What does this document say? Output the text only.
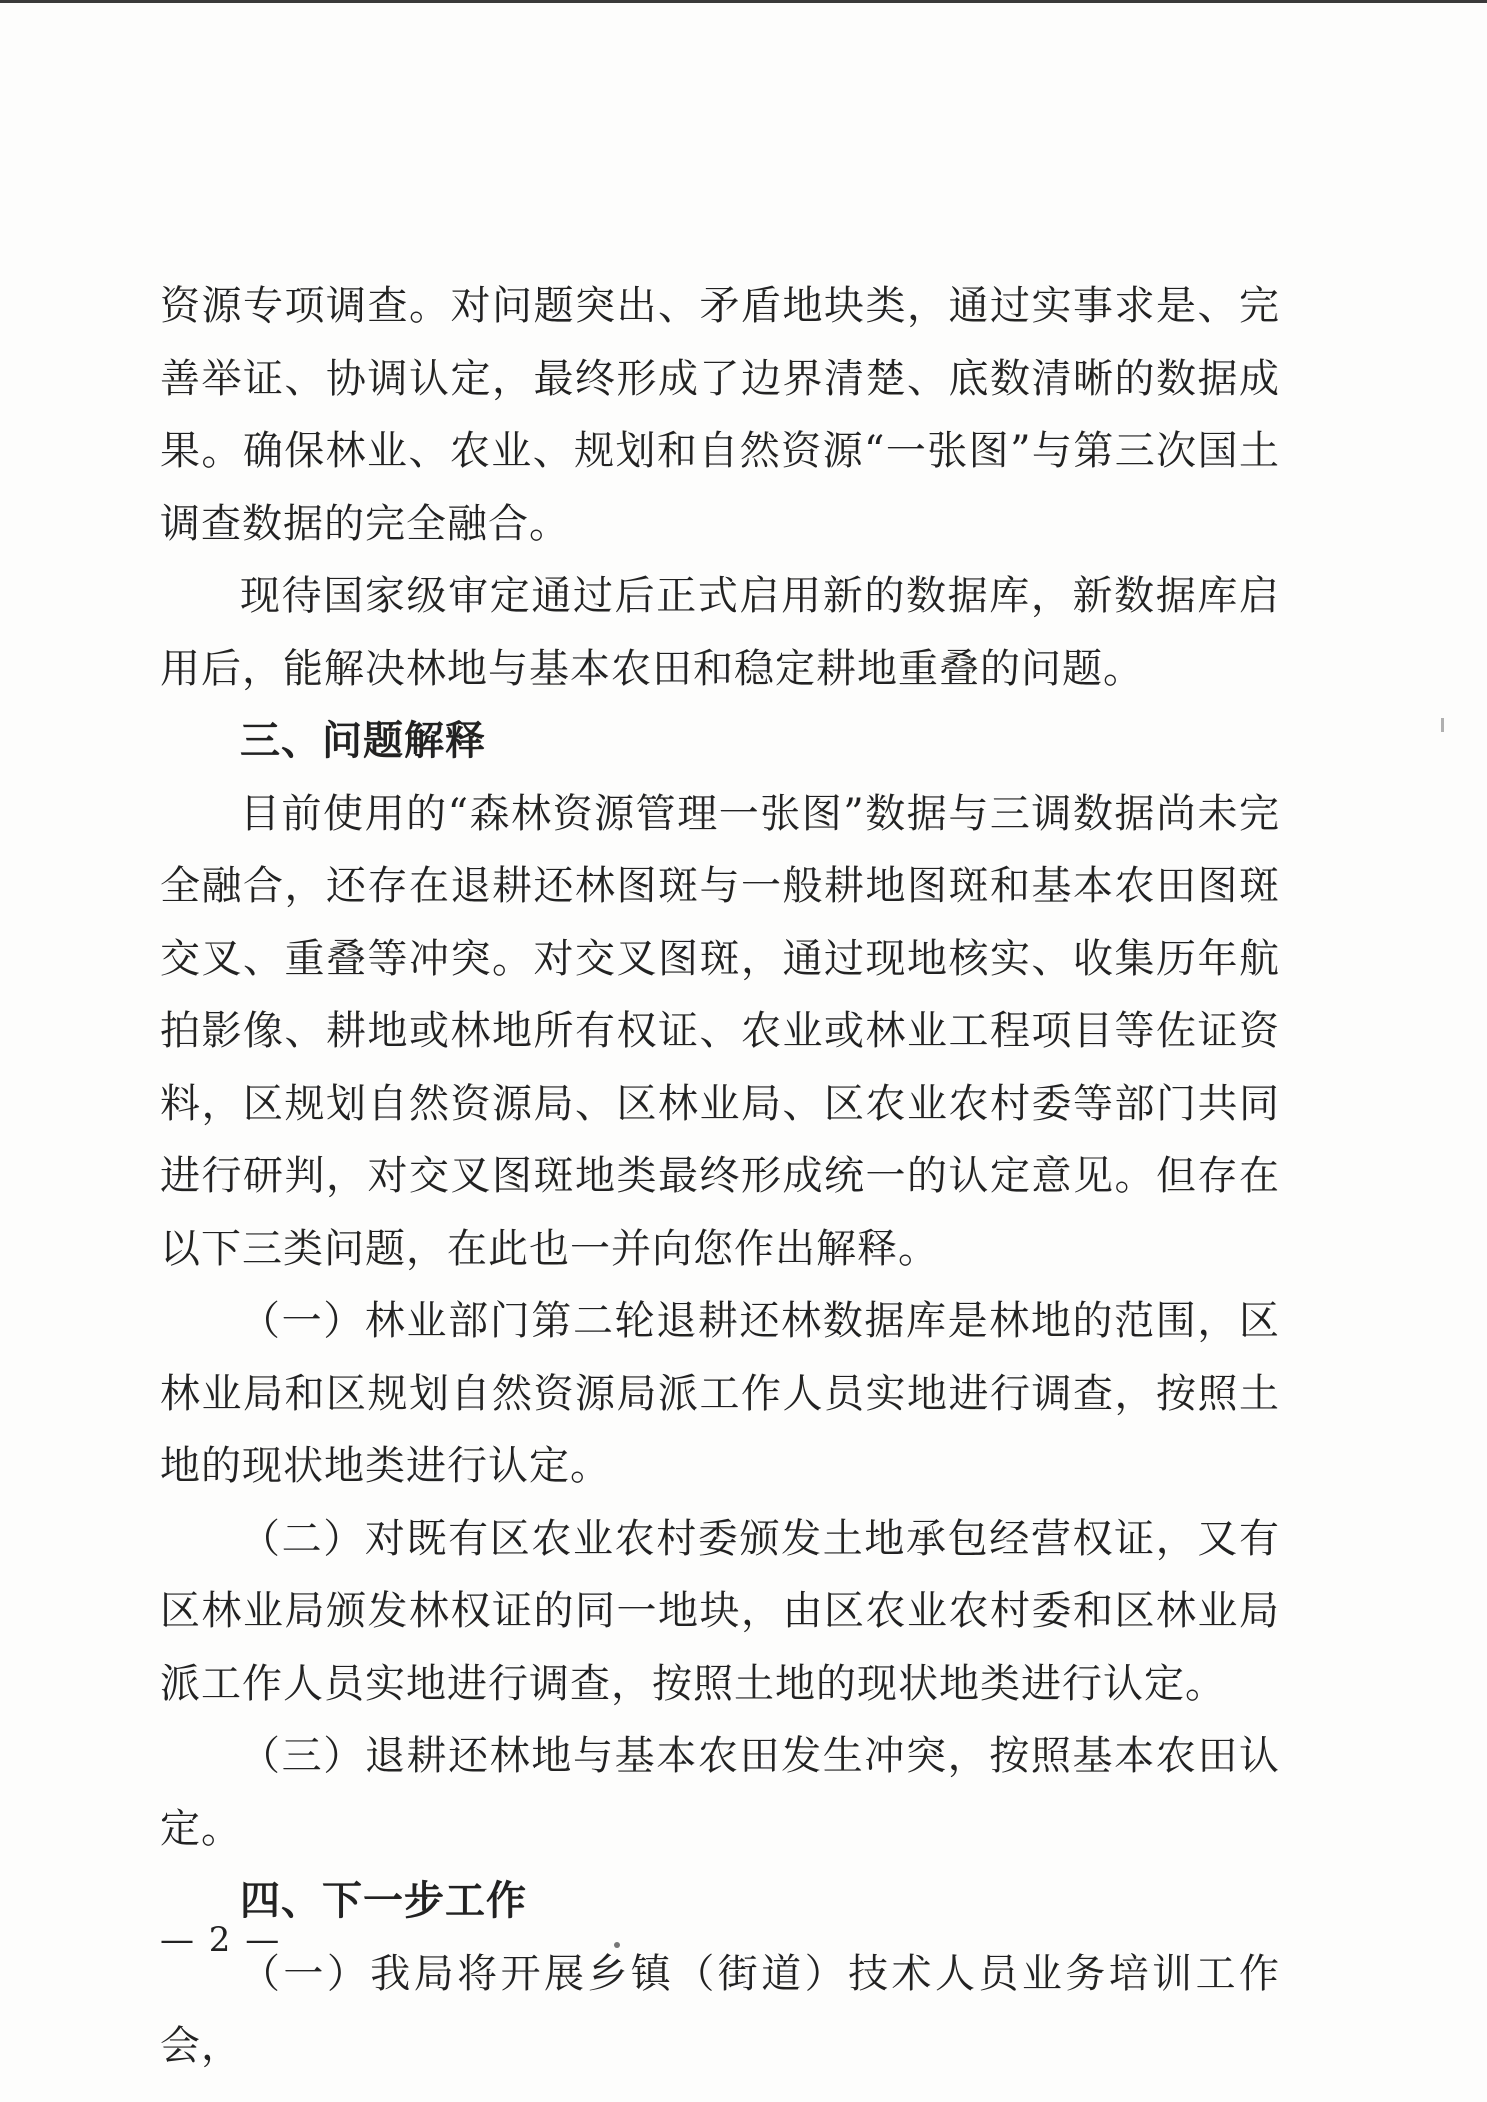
资源专项调查。对问题突出、矛盾地块类，通过实事求是、完善举证、协调认定，最终形成了边界清楚、底数清晰的数据成果。确保林业、农业、规划和自然资源“一张图”与第三次国土调查数据的完全融合。

现待国家级审定通过后正式启用新的数据库，新数据库启用后，能解决林地与基本农田和稳定耕地重叠的问题。

三、问题解释

目前使用的“森林资源管理一张图”数据与三调数据尚未完全融合，还存在退耕还林图斑与一般耕地图斑和基本农田图斑交叉、重叠等冲突。对交叉图斑，通过现地核实、收集历年航拍影像、耕地或林地所有权证、农业或林业工程项目等佐证资料，区规划自然资源局、区林业局、区农业农村委等部门共同进行研判，对交叉图斑地类最终形成统一的认定意见。但存在以下三类问题，在此也一并向您作出解释。

（一）林业部门第二轮退耕还林数据库是林地的范围，区林业局和区规划自然资源局派工作人员实地进行调查，按照土地的现状地类进行认定。

（二）对既有区农业农村委颁发土地承包经营权证，又有区林业局颁发林权证的同一地块，由区农业农村委和区林业局派工作人员实地进行调查，按照土地的现状地类进行认定。

（三）退耕还林地与基本农田发生冲突，按照基本农田认定。

四、下一步工作

（一）我局将开展乡镇（街道）技术人员业务培训工作会，

— 2 —
